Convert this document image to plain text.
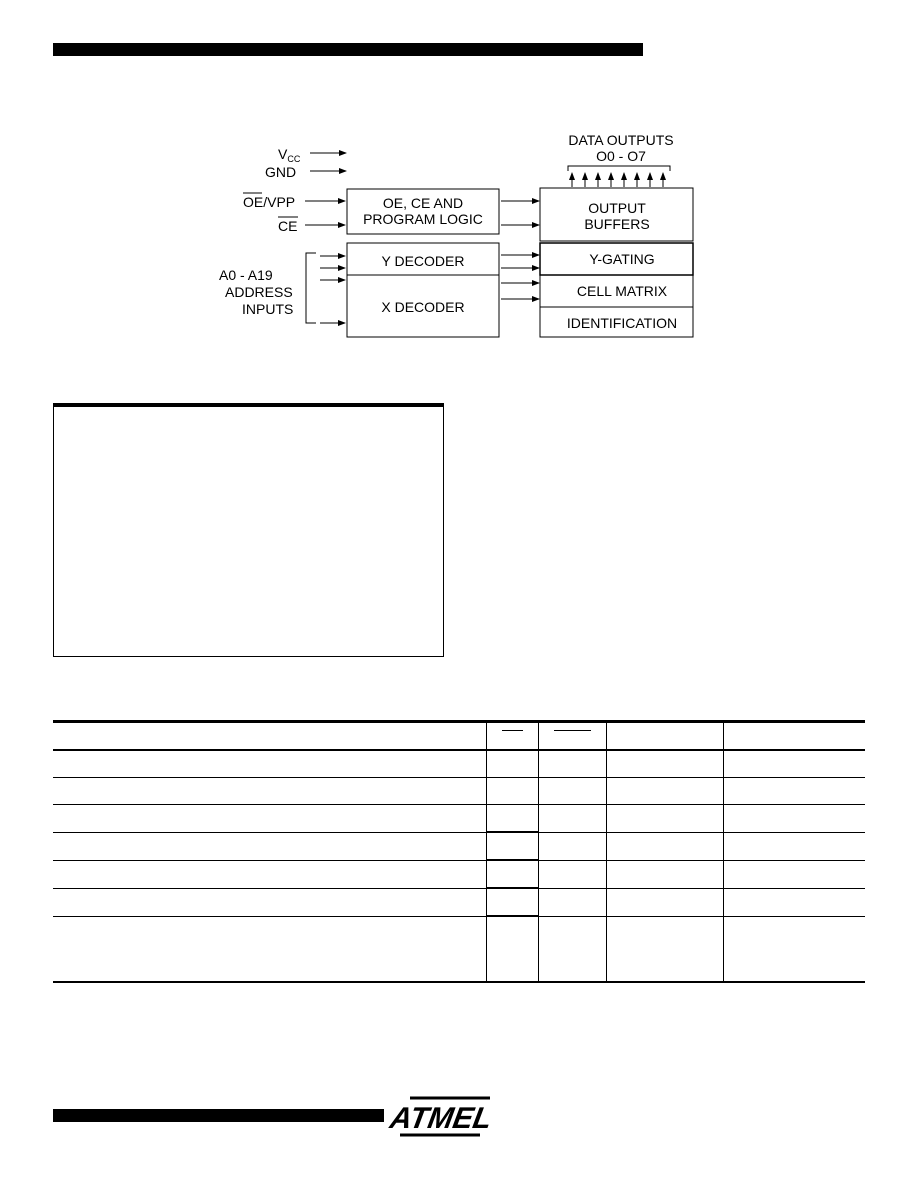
$V_{CC}$
GND
OE/VPP
CE
A0 - A19
ADDRESS
INPUTS
OE, CE AND
PROGRAM LOGIC
Y DECODER
X DECODER
DATA OUTPUTS
O0 - O7
OUTPUT
BUFFERS
Y-GATING
CELL MATRIX
IDENTIFICATION

ATMEL
